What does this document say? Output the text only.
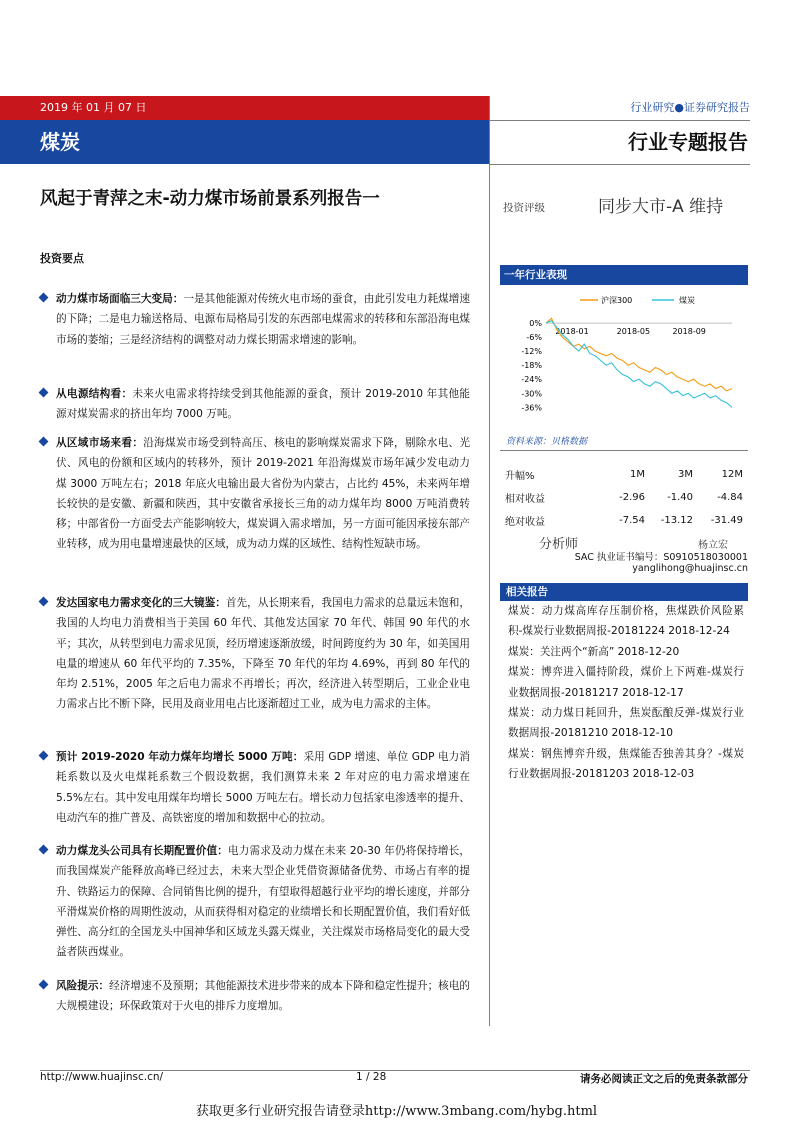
2019 年 01 月 07 日
煤炭
行业研究●证券研究报告
行业专题报告
风起于青萍之末-动力煤市场前景系列报告一	投资评级	同步大市-A 维持
投资要点

动力煤市场面临三大变局：一是其他能源对传统火电市场的蚕食，由此引发电力耗煤增速的下降；二是电力输送格局、电源布局格局引发的东西部电煤需求的转移和东部沿海电煤市场的萎缩；三是经济结构的调整对动力煤长期需求增速的影响。

从电源结构看：未来火电需求将持续受到其他能源的蚕食，预计 2019-2010 年其他能源对煤炭需求的挤出年均 7000 万吨。

从区域市场来看：沿海煤炭市场受到特高压、核电的影响煤炭需求下降，剔除水电、光伏、风电的份额和区域内的转移外，预计 2019-2021 年沿海煤炭市场年减少发电动力煤 3000 万吨左右；2018 年底火电输出最大省份为内蒙古，占比约 45%，未来两年增长较快的是安徽、新疆和陕西，其中安徽省承接长三角的动力煤年均 8000 万吨消费转移；中部省份一方面受去产能影响较大，煤炭调入需求增加，另一方面可能因承接东部产业转移，成为用电量增速最快的区域，成为动力煤的区域性、结构性短缺市场。

发达国家电力需求变化的三大镜鉴：首先，从长期来看，我国电力需求的总量远未饱和，我国的人均电力消费相当于美国 60 年代、其他发达国家 70 年代、韩国 90 年代的水平；其次，从转型到电力需求见顶，经历增速逐渐放缓，时间跨度约为 30 年，如美国用电量的增速从 60 年代平均的 7.35%，下降至 70 年代的年均 4.69%，再到 80 年代的年均 2.51%，2005 年之后电力需求不再增长；再次，经济进入转型期后，工业企业电力需求占比不断下降，民用及商业用电占比逐渐超过工业，成为电力需求的主体。

预计 2019-2020 年动力煤年均增长 5000 万吨：采用 GDP 增速、单位 GDP 电力消耗系数以及火电煤耗系数三个假设数据，我们测算未来 2 年对应的电力需求增速在 5.5%左右。其中发电用煤年均增长 5000 万吨左右。增长动力包括家电渗透率的提升、电动汽车的推广普及、高铁密度的增加和数据中心的拉动。

动力煤龙头公司具有长期配置价值：电力需求及动力煤在未来 20-30 年仍将保持增长，而我国煤炭产能释放高峰已经过去，未来大型企业凭借资源储备优势、市场占有率的提升、铁路运力的保障、合同销售比例的提升，有望取得超越行业平均的增长速度，并部分平滑煤炭价格的周期性波动，从而获得相对稳定的业绩增长和长期配置价值，我们看好低弹性、高分红的全国龙头中国神华和区域龙头露天煤业，关注煤炭市场格局变化的最大受益者陕西煤业。

风险提示：经济增速不及预期；其他能源技术进步带来的成本下降和稳定性提升；核电的大规模建设；环保政策对于火电的排斥力度增加。

一年行业表现
沪深300	煤炭
0%
-6%
-12%
-18%
-24%
-30%
-36%
2018-01	2018-05	2018-09
资料来源：贝格数据
升幅%	1M	3M	12M
相对收益	-2.96	-1.40	-4.84
绝对收益	-7.54	-13.12	-31.49
分析师	杨立宏
SAC 执业证书编号：S0910518030001
yanglihong@huajinsc.cn
相关报告
煤炭：动力煤高库存压制价格，焦煤跌价风险累积-煤炭行业数据周报-20181224 2018-12-24
煤炭：关注两个“新高” 2018-12-20
煤炭：博弈进入僵持阶段，煤价上下两难-煤炭行业数据周报-20181217 2018-12-17
煤炭：动力煤日耗回升，焦炭酝酿反弹-煤炭行业数据周报-20181210 2018-12-10
煤炭：钢焦博弈升级，焦煤能否独善其身？-煤炭行业数据周报-20181203 2018-12-03
http://www.huajinsc.cn/	1 / 28	请务必阅读正文之后的免责条款部分
获取更多行业研究报告请登录http://www.3mbang.com/hybg.html
